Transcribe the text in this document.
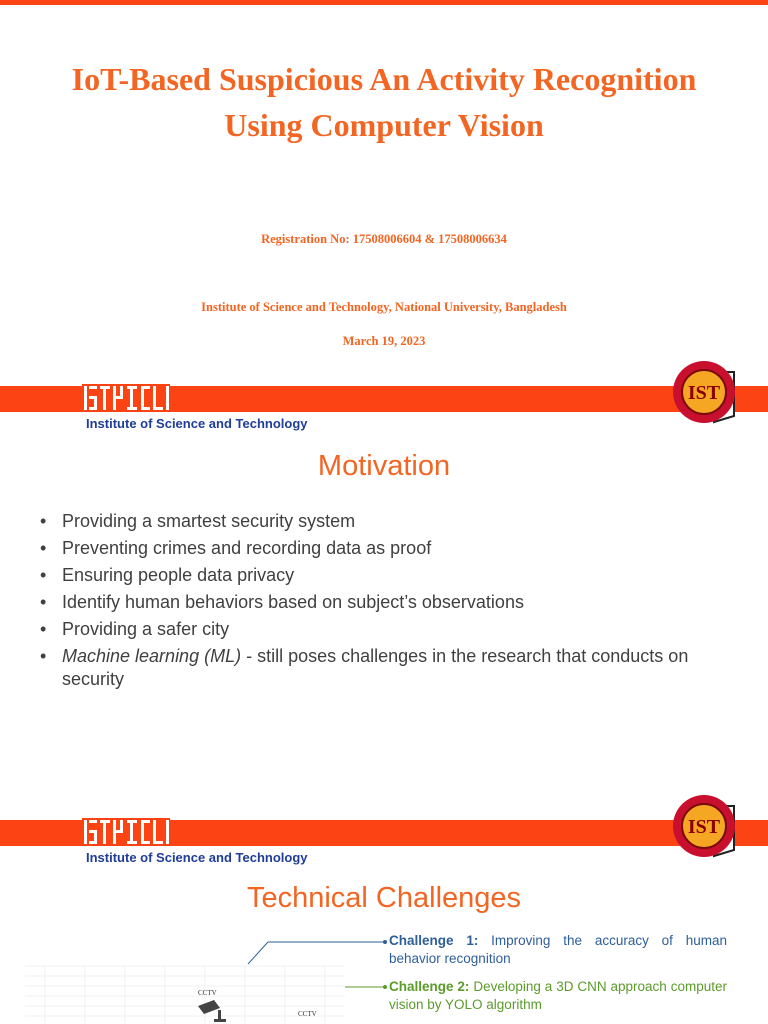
IoT-Based Suspicious An Activity Recognition
Using Computer Vision
Registration No: 17508006604 & 17508006634
Institute of Science and Technology, National University, Bangladesh
March 19, 2023
Institute of Science and Technology
IST
Motivation
• Providing a smartest security system
• Preventing crimes and recording data as proof
• Ensuring people data privacy
• Identify human behaviors based on subject’s observations
• Providing a safer city
• Machine learning (ML) - still poses challenges in the research that conducts on security
Institute of Science and Technology
IST
Technical Challenges
CCTV
CCTV
Challenge 1: Improving the accuracy of human behavior recognition
Challenge 2: Developing a 3D CNN approach computer vision by YOLO algorithm
